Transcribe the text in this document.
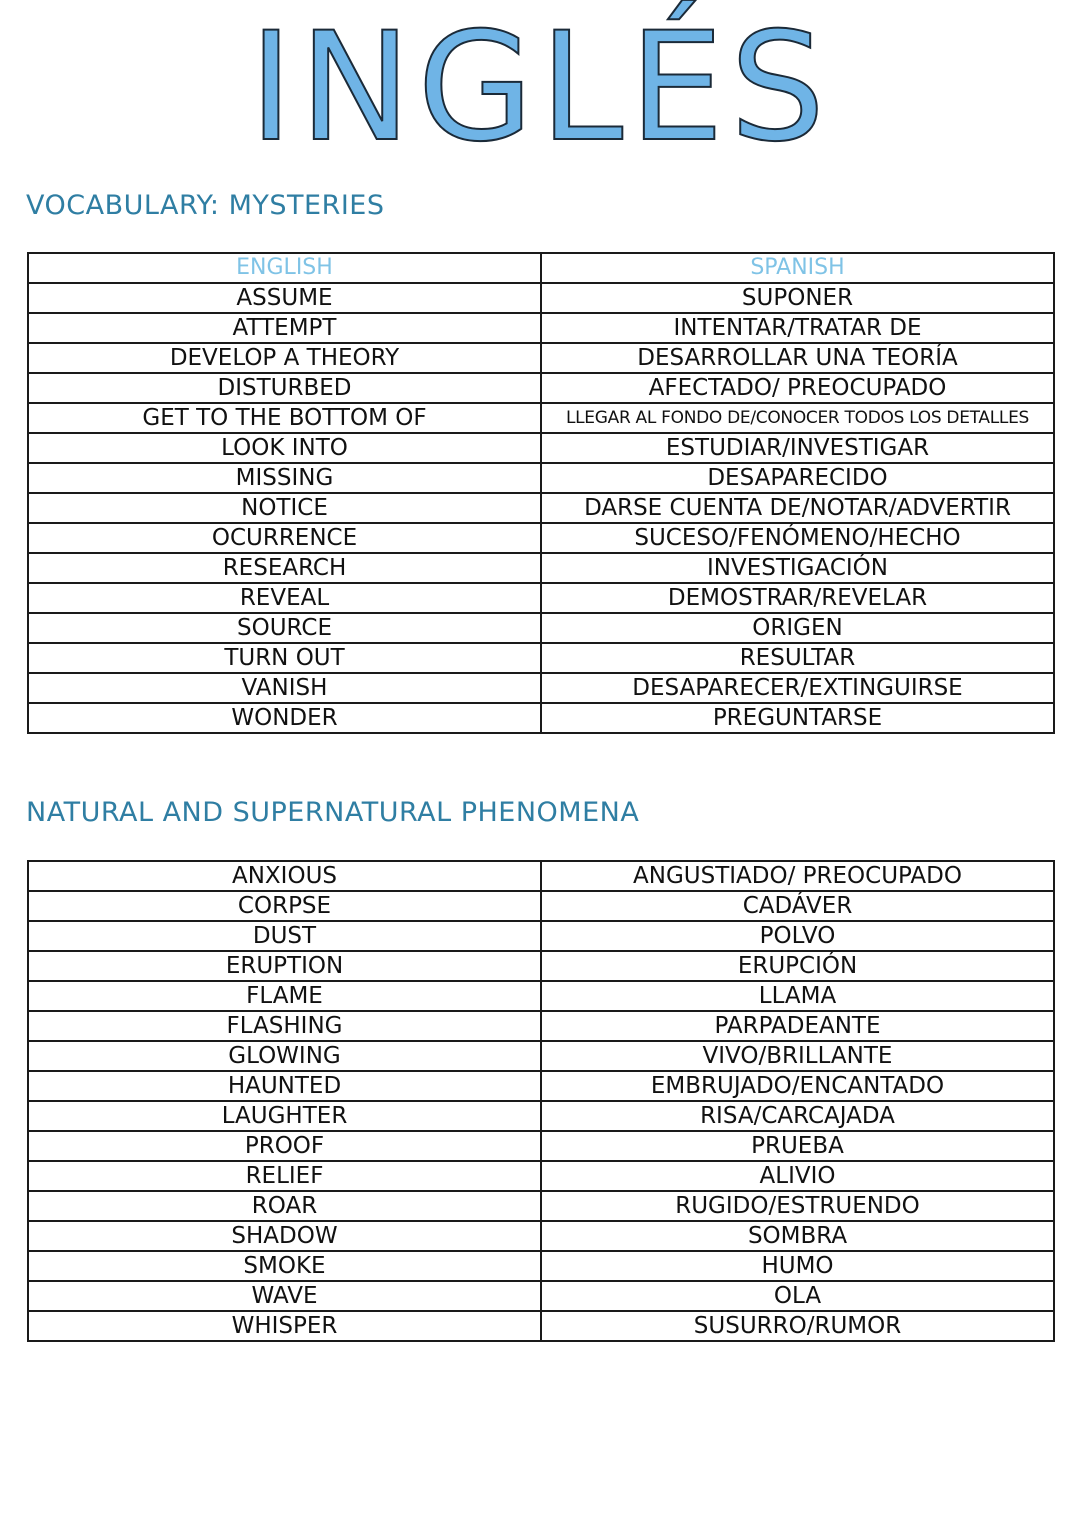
INGLÉS
VOCABULARY: MYSTERIES
ENGLISH	SPANISH
ASSUME	SUPONER
ATTEMPT	INTENTAR/TRATAR DE
DEVELOP A THEORY	DESARROLLAR UNA TEORÍA
DISTURBED	AFECTADO/ PREOCUPADO
GET TO THE BOTTOM OF	LLEGAR AL FONDO DE/CONOCER TODOS LOS DETALLES
LOOK INTO	ESTUDIAR/INVESTIGAR
MISSING	DESAPARECIDO
NOTICE	DARSE CUENTA DE/NOTAR/ADVERTIR
OCURRENCE	SUCESO/FENÓMENO/HECHO
RESEARCH	INVESTIGACIÓN
REVEAL	DEMOSTRAR/REVELAR
SOURCE	ORIGEN
TURN OUT	RESULTAR
VANISH	DESAPARECER/EXTINGUIRSE
WONDER	PREGUNTARSE
NATURAL AND SUPERNATURAL PHENOMENA
ANXIOUS	ANGUSTIADO/ PREOCUPADO
CORPSE	CADÁVER
DUST	POLVO
ERUPTION	ERUPCIÓN
FLAME	LLAMA
FLASHING	PARPADEANTE
GLOWING	VIVO/BRILLANTE
HAUNTED	EMBRUJADO/ENCANTADO
LAUGHTER	RISA/CARCAJADA
PROOF	PRUEBA
RELIEF	ALIVIO
ROAR	RUGIDO/ESTRUENDO
SHADOW	SOMBRA
SMOKE	HUMO
WAVE	OLA
WHISPER	SUSURRO/RUMOR
